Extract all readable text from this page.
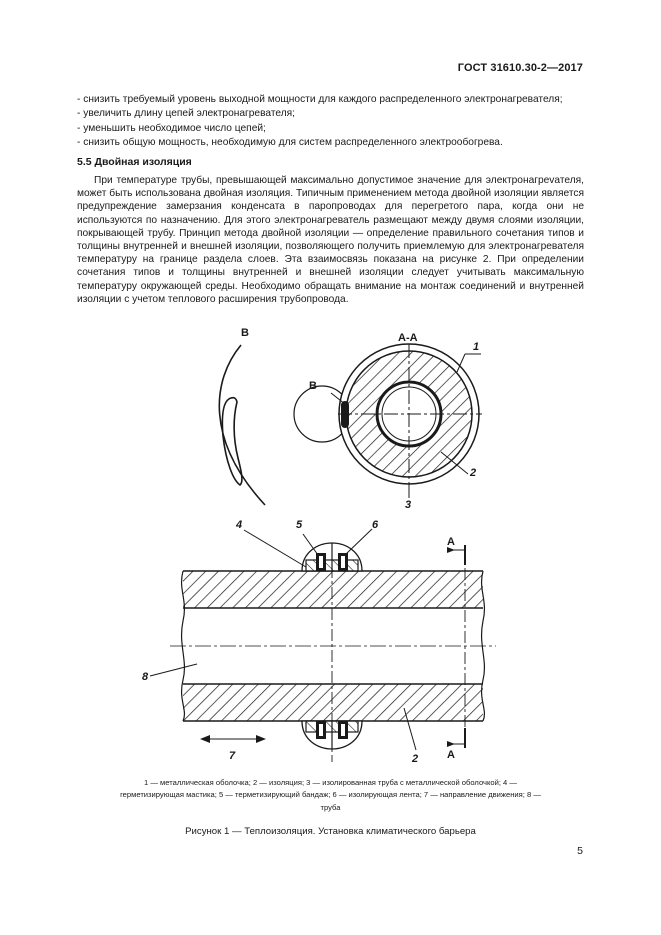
ГОСТ 31610.30-2—2017
- снизить требуемый уровень выходной мощности для каждого распределенного электронагревателя;
- увеличить длину цепей электронагревателя;
- уменьшить необходимое число цепей;
- снизить общую мощность, необходимую для систем распределенного электрообогрева.
5.5 Двойная изоляция

При температуре трубы, превышающей максимально допустимое значение для электронагреvателя, может быть использована двойная изоляция. Типичным применением метода двойной изоляции является предупреждение замерзания конденсата в паропроводах для перегретого пара, когда они не используются по назначению. Для этого электронагреватель размещают между двумя слоями изоляции, покрывающей трубу. Принцип метода двойной изоляции — определение правильного сочетания типов и толщины внутренней и внешней изоляции, позволяющего получить приемлемую для электронагревателя температуру на границе раздела слоев. Эта взаимосвязь показана на рисунке 2. При определении сочетания типов и толщины внутренней и внешней изоляции следует учитывать максимальную температуру окружающей среды. Необходимо обращать внимание на монтаж соединений и внутренней изоляции с учетом теплового расширения трубопровода.

В
В
А-А
1
2
3
4	5	6
А
А
8
2
7

1 — металлическая оболочка; 2 — изоляция; 3 — изолированная труба с металлической оболочкой; 4 — герметизирующая мастика; 5 — терметизирующий бандаж; 6 — изолирующая лента; 7 — направление движения; 8 — труба

Рисунок 1 — Теплоизоляция. Установка климатического барьера
5
